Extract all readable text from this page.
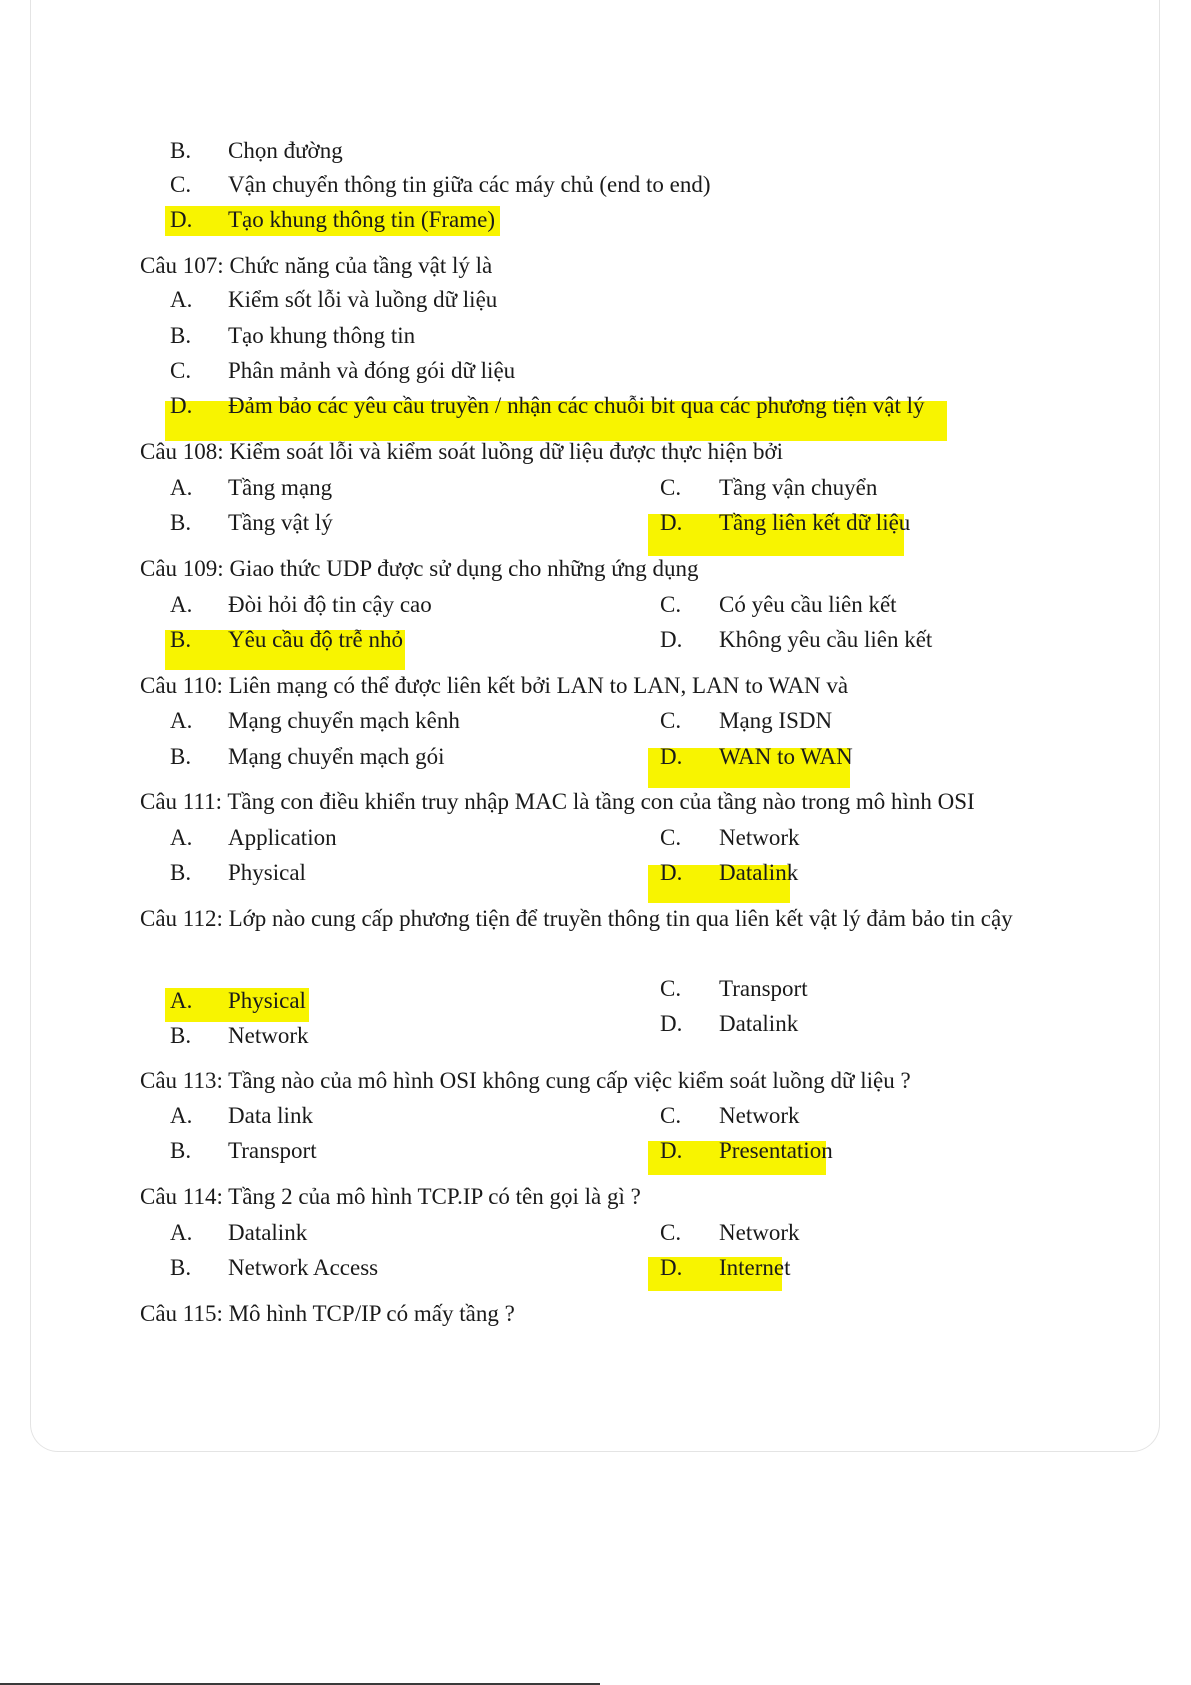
B. Chọn đường
C. Vận chuyển thông tin giữa các máy chủ (end to end)
D. Tạo khung thông tin (Frame)
Câu 107: Chức năng của tầng vật lý là
A. Kiểm sốt lỗi và luồng dữ liệu
B. Tạo khung thông tin
C. Phân mảnh và đóng gói dữ liệu
D. Đảm bảo các yêu cầu truyền / nhận các chuỗi bit qua các phương tiện vật lý
Câu 108: Kiểm soát lỗi và kiểm soát luồng dữ liệu được thực hiện bởi
A. Tầng mạng
B. Tầng vật lý
C. Tầng vận chuyển
D. Tầng liên kết dữ liệu
Câu 109: Giao thức UDP được sử dụng cho những ứng dụng
A. Đòi hỏi độ tin cậy cao
B. Yêu cầu độ trễ nhỏ
C. Có yêu cầu liên kết
D. Không yêu cầu liên kết
Câu 110: Liên mạng có thể được liên kết bởi LAN to LAN, LAN to WAN và
A. Mạng chuyển mạch kênh
B. Mạng chuyển mạch gói
C. Mạng ISDN
D. WAN to WAN
Câu 111: Tầng con điều khiển truy nhập MAC là tầng con của tầng nào trong mô hình OSI
A. Application
B. Physical
C. Network
D. Datalink
Câu 112: Lớp nào cung cấp phương tiện để truyền thông tin qua liên kết vật lý đảm bảo tin cậy
A. Physical
B. Network
C. Transport
D. Datalink
Câu 113: Tầng nào của mô hình OSI không cung cấp việc kiểm soát luồng dữ liệu ?
A. Data link
B. Transport
C. Network
D. Presentation
Câu 114: Tầng 2 của mô hình TCP.IP có tên gọi là gì ?
A. Datalink
B. Network Access
C. Network
D. Internet
Câu 115: Mô hình TCP/IP có mấy tầng ?
